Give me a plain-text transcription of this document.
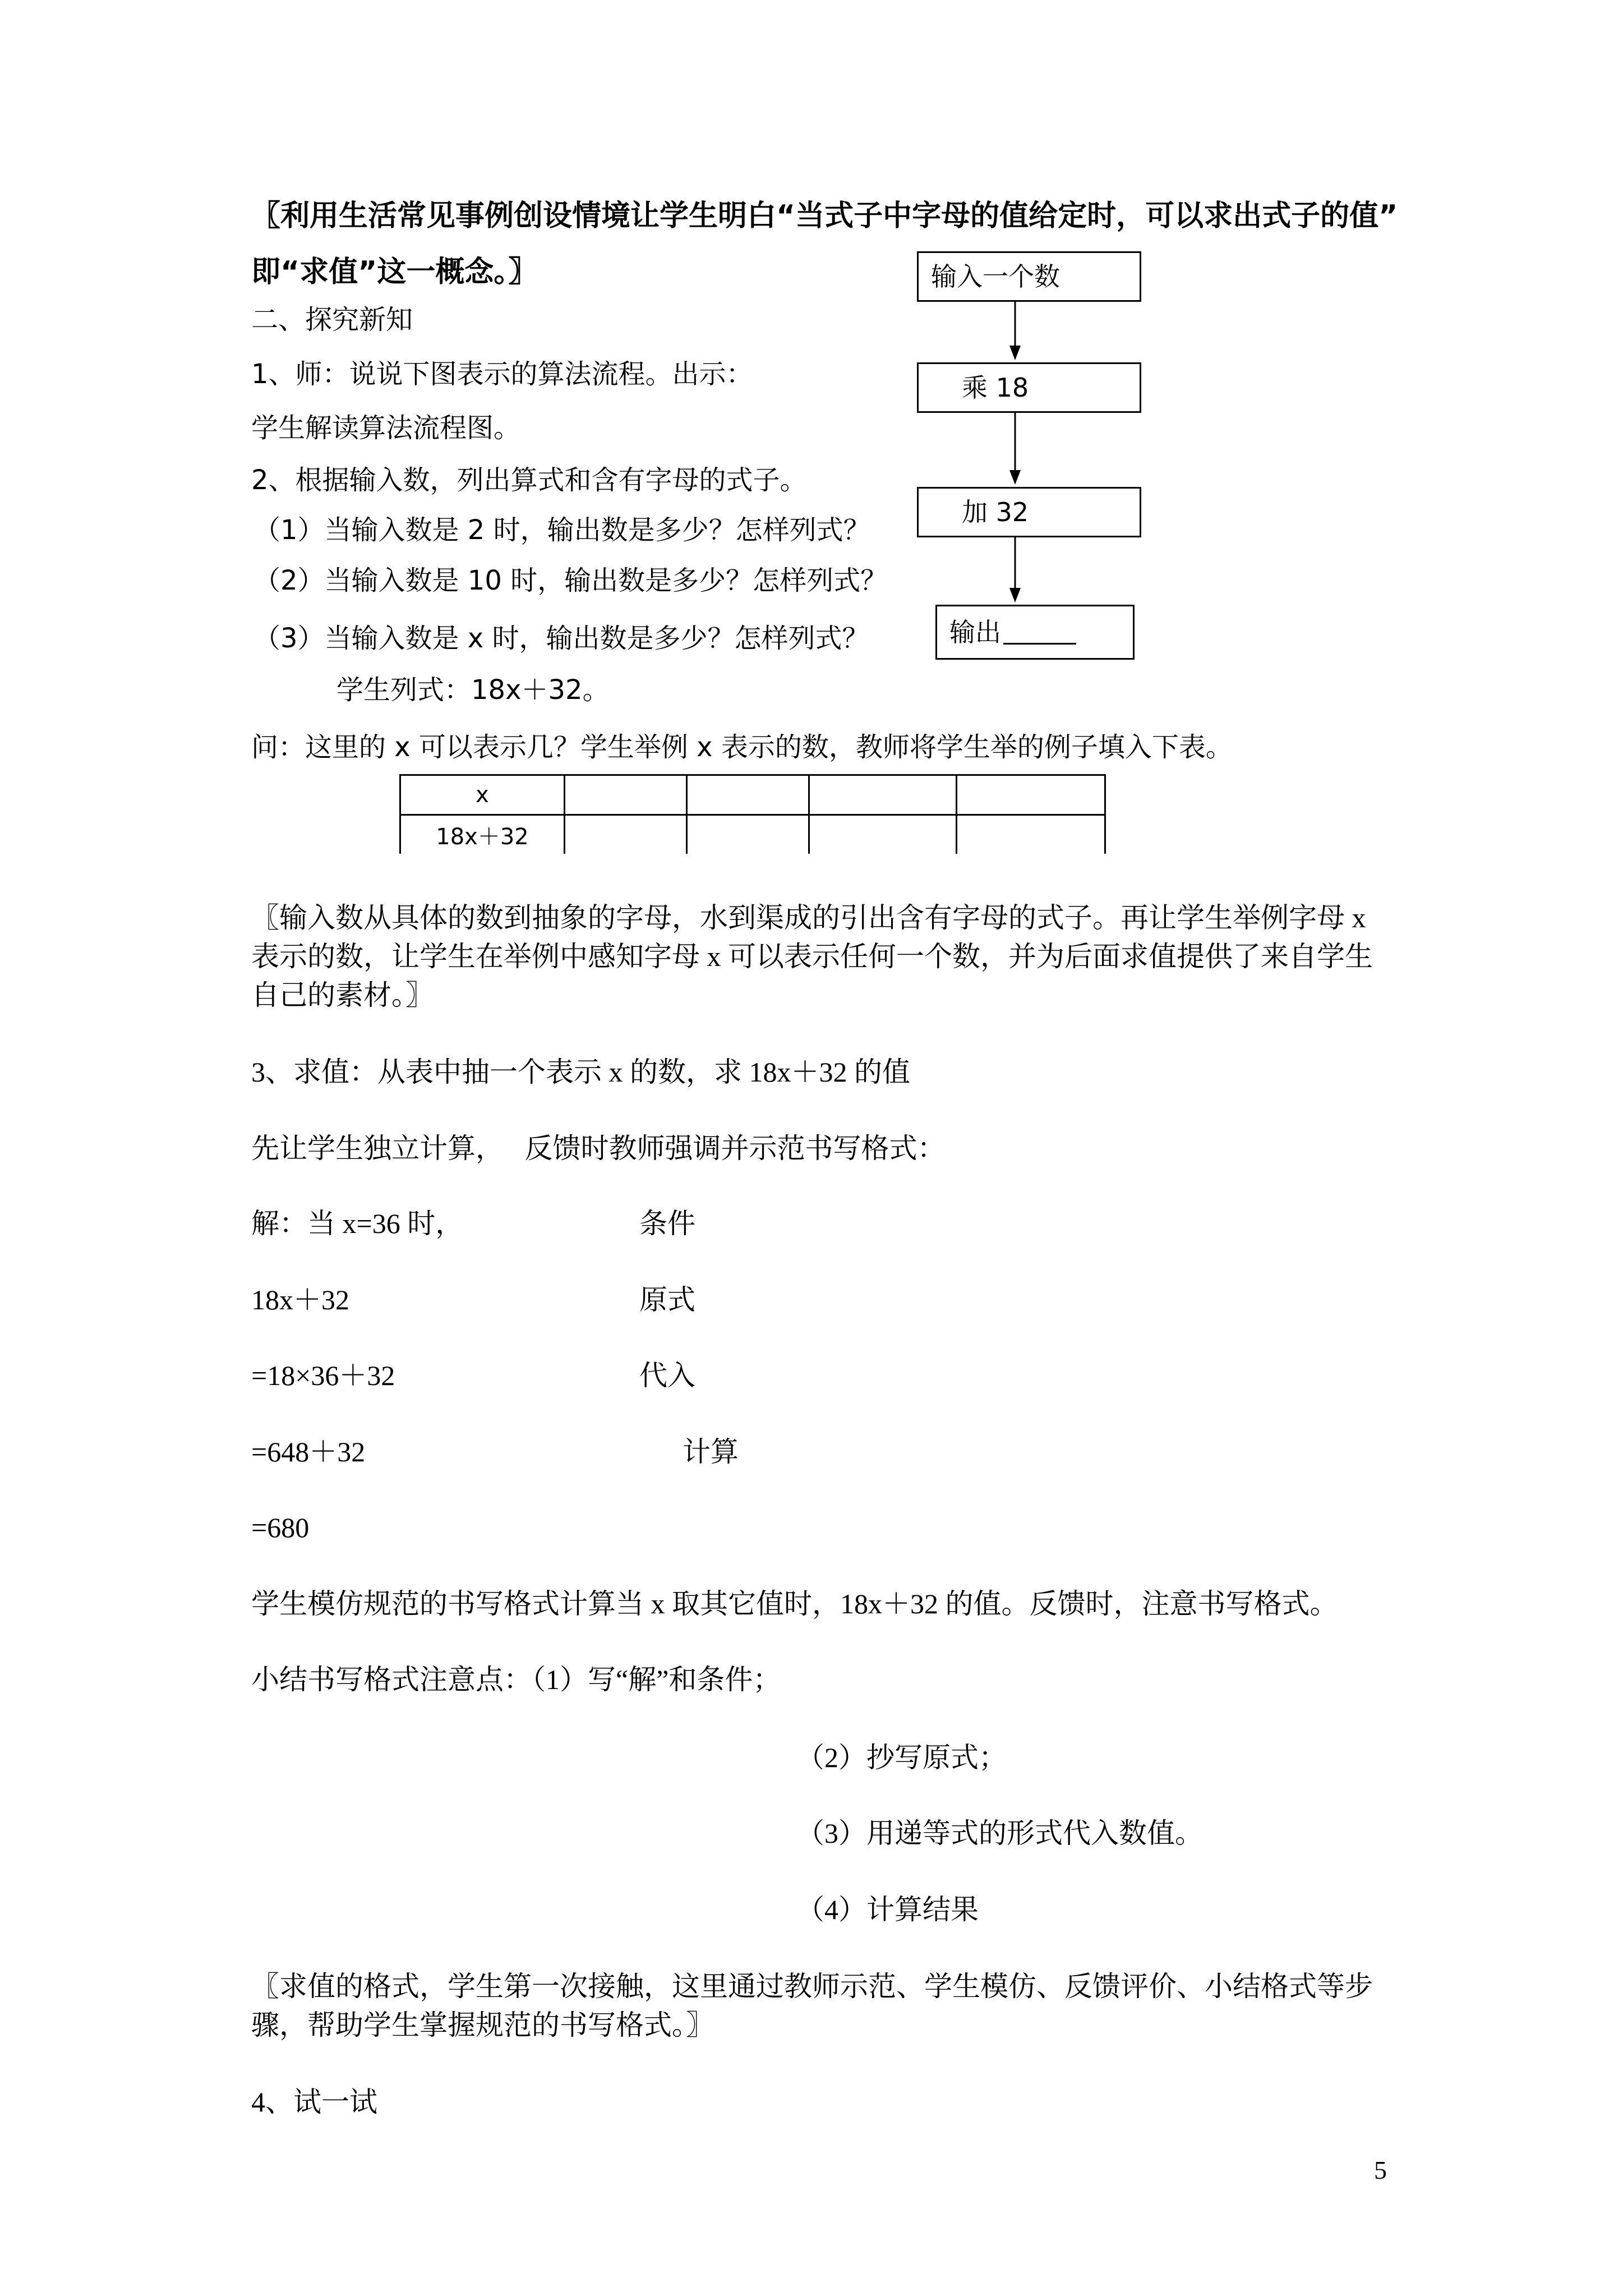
〖利用生活常见事例创设情境让学生明白“当式子中字母的值给定时，可以求出式子的值”
即“求值”这一概念。〗
二、探究新知
1、师：说说下图表示的算法流程。出示：
学生解读算法流程图。
2、根据输入数，列出算式和含有字母的式子。
（1）当输入数是 2 时，输出数是多少？怎样列式？
（2）当输入数是 10 时，输出数是多少？怎样列式？
（3）当输入数是 x 时，输出数是多少？怎样列式？
学生列式：18x＋32。
问：这里的 x 可以表示几？学生举例 x 表示的数，教师将学生举的例子填入下表。
输入一个数
乘 18
加 32
输出
x				
18x＋32				
〖输入数从具体的数到抽象的字母，水到渠成的引出含有字母的式子。再让学生举例字母 x
表示的数，让学生在举例中感知字母 x 可以表示任何一个数，并为后面求值提供了来自学生
自己的素材。〗
3、求值：从表中抽一个表示 x 的数，求 18x＋32 的值
先让学生独立计算，　 反馈时教师强调并示范书写格式：
解：当 x=36 时，	条件
18x＋32	原式
=18×36＋32	代入
=648＋32	计算
=680
学生模仿规范的书写格式计算当 x 取其它值时，18x＋32 的值。反馈时，注意书写格式。
小结书写格式注意点：（1）写“解”和条件；
（2）抄写原式；
（3）用递等式的形式代入数值。
（4）计算结果
〖求值的格式，学生第一次接触，这里通过教师示范、学生模仿、反馈评价、小结格式等步
骤，帮助学生掌握规范的书写格式。〗
4、试一试
5
